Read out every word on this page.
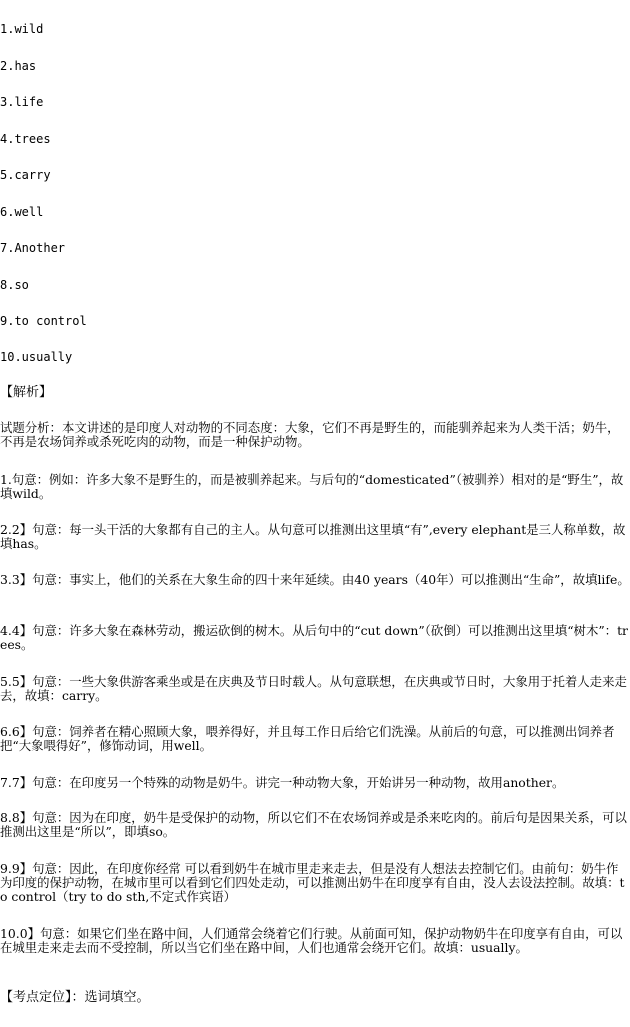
1.wild
2.has
3.life
4.trees
5.carry
6.well
7.Another
8.so
9.to control
10.usually
【解析】
试题分析：本文讲述的是印度人对动物的不同态度：大象，它们不再是野生的，而能驯养起来为人类干活；奶牛，不再是农场饲养或杀死吃肉的动物，而是一种保护动物。
1.句意：例如：许多大象不是野生的，而是被驯养起来。与后句的“domesticated”（被驯养）相对的是“野生”，故填wild。
2.2】句意：每一头干活的大象都有自己的主人。从句意可以推测出这里填“有”,every elephant是三人称单数，故填has。
3.3】句意：事实上，他们的关系在大象生命的四十来年延续。由40 years（40年）可以推测出“生命”，故填life。
4.4】句意：许多大象在森林劳动，搬运砍倒的树木。从后句中的“cut down”（砍倒）可以推测出这里填“树木”：trees。
5.5】句意：一些大象供游客乘坐或是在庆典及节日时载人。从句意联想，在庆典或节日时，大象用于托着人走来走去，故填：carry。
6.6】句意：饲养者在精心照顾大象，喂养得好，并且每工作日后给它们洗澡。从前后的句意，可以推测出饲养者把“大象喂得好”，修饰动词，用well。
7.7】句意：在印度另一个特殊的动物是奶牛。讲完一种动物大象，开始讲另一种动物，故用another。
8.8】句意：因为在印度，奶牛是受保护的动物，所以它们不在农场饲养或是杀来吃肉的。前后句是因果关系，可以推测出这里是“所以”，即填so。
9.9】句意：因此，在印度你经常 可以看到奶牛在城市里走来走去，但是没有人想法去控制它们。由前句：奶牛作为印度的保护动物，在城市里可以看到它们四处走动，可以推测出奶牛在印度享有自由，没人去设法控制。故填：to control（try to do sth,不定式作宾语）
10.0】句意：如果它们坐在路中间，人们通常会绕着它们行驶。从前面可知，保护动物奶牛在印度享有自由，可以在城里走来走去而不受控制，所以当它们坐在路中间，人们也通常会绕开它们。故填：usually。
【考点定位】：选词填空。
